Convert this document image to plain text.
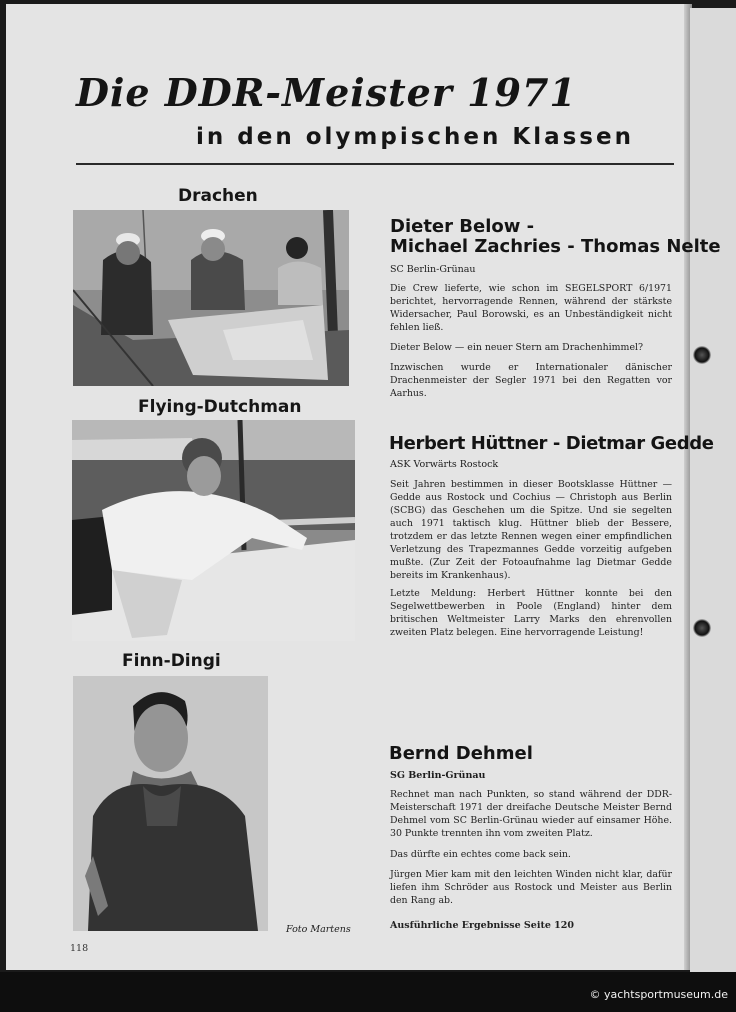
Die DDR-Meister 1971
in den olympischen Klassen
Drachen
Dieter Below -
Michael Zachries - Thomas Nelte

SC Berlin-Grünau

Die Crew lieferte, wie schon im SEGELSPORT 6/1971 berichtet, hervorragende Rennen, während der stärkste Widersacher, Paul Borowski, es an Unbeständigkeit nicht fehlen ließ.

Dieter Below — ein neuer Stern am Drachenhimmel?

Inzwischen wurde er Internationaler dänischer Drachenmeister der Segler 1971 bei den Regatten vor Aarhus.

Flying-Dutchman
Herbert Hüttner - Dietmar Gedde

ASK Vorwärts Rostock

Seit Jahren bestimmen in dieser Bootsklasse Hüttner — Gedde aus Rostock und Cochius — Christoph aus Berlin (SCBG) das Geschehen um die Spitze. Und sie segelten auch 1971 taktisch klug. Hüttner blieb der Bessere, trotzdem er das letzte Rennen wegen einer empfindlichen Verletzung des Trapezmannes Gedde vorzeitig aufgeben mußte. (Zur Zeit der Fotoaufnahme lag Dietmar Gedde bereits im Krankenhaus).

Letzte Meldung: Herbert Hüttner konnte bei den Segelwettbewerben in Poole (England) hinter dem britischen Weltmeister Larry Marks den ehrenvollen zweiten Platz belegen. Eine hervorragende Leistung!

Finn-Dingi

Foto Martens

Bernd Dehmel

SG Berlin-Grünau

Rechnet man nach Punkten, so stand während der DDR-Meisterschaft 1971 der dreifache Deutsche Meister Bernd Dehmel vom SC Berlin-Grünau wieder auf einsamer Höhe. 30 Punkte trennten ihn vom zweiten Platz.

Das dürfte ein echtes come back sein.

Jürgen Mier kam mit den leichten Winden nicht klar, dafür liefen ihm Schröder aus Rostock und Meister aus Berlin den Rang ab.

Ausführliche Ergebnisse Seite 120

118

© yachtsportmuseum.de
